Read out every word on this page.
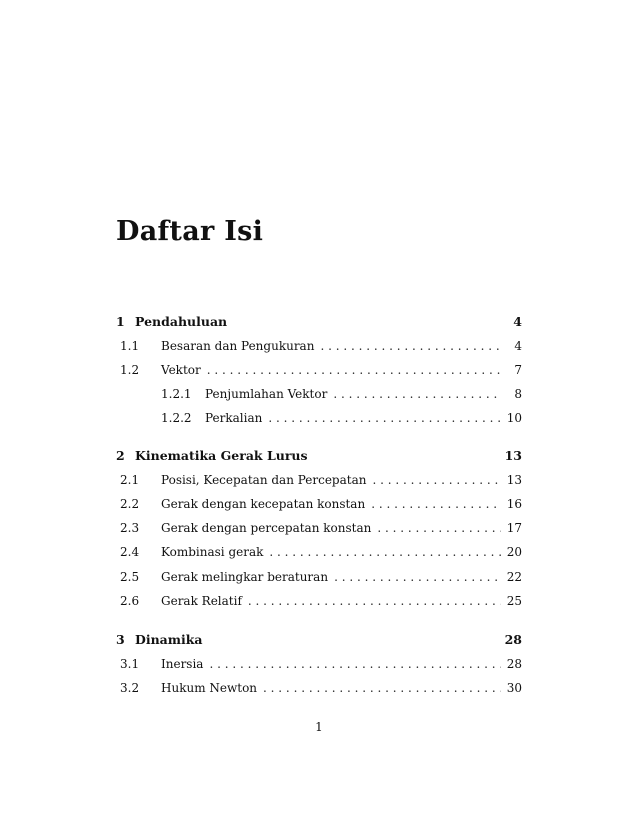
Daftar Isi
1 Pendahuluan	4
1.1	Besaran dan Pengukuran . . .	4
1.2	Vektor . . .	7
1.2.1	Penjumlahan Vektor . . .	8
1.2.2	Perkalian . . .	10
2 Kinematika Gerak Lurus	13
2.1	Posisi, Kecepatan dan Percepatan . . .	13
2.2	Gerak dengan kecepatan konstan . . .	16
2.3	Gerak dengan percepatan konstan . . .	17
2.4	Kombinasi gerak . . .	20
2.5	Gerak melingkar beraturan . . .	22
2.6	Gerak Relatif . . .	25
3 Dinamika	28
3.1	Inersia . . .	28
3.2	Hukum Newton . . .	30
1
